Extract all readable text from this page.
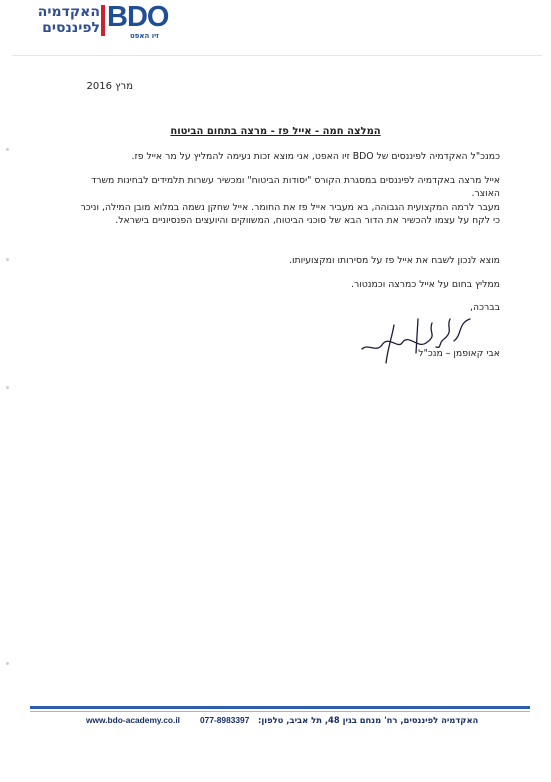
האקדמיה
לפיננסים BDO
זיו האפט
מרץ 2016
המלצה חמה - אייל פז - מרצה בתחום הביטוח
כמנכ"ל האקדמיה לפיננסים של BDO זיו האפט, אני מוצא זכות נעימה להמליץ על מר אייל פז.
אייל מרצה באקדמיה לפיננסים במסגרת הקורס "יסודות הביטוח" ומכשיר עשרות תלמידים לבחינות משרד האוצר.
מעבר לרמה המקצועית הגבוהה, בא מעביר אייל פז את החומר. אייל שחקן נשמה במלוא מובן המילה, וניכר כי לקח על עצמו להכשיר את הדור הבא של סוכני הביטוח, המשווקים והיועצים הפנסיוניים בישראל.
מוצא לנכון לשבח את אייל פז על מסירותו ומקצועיותו.
ממליץ בחום על אייל כמרצה וכמנטור.
בברכה,
אבי קאופמן – מנכ"ל
האקדמיה לפיננסים, רח' מנחם בגין 48, תל אביב, טלפון:
077-8983397
www.bdo-academy.co.il
